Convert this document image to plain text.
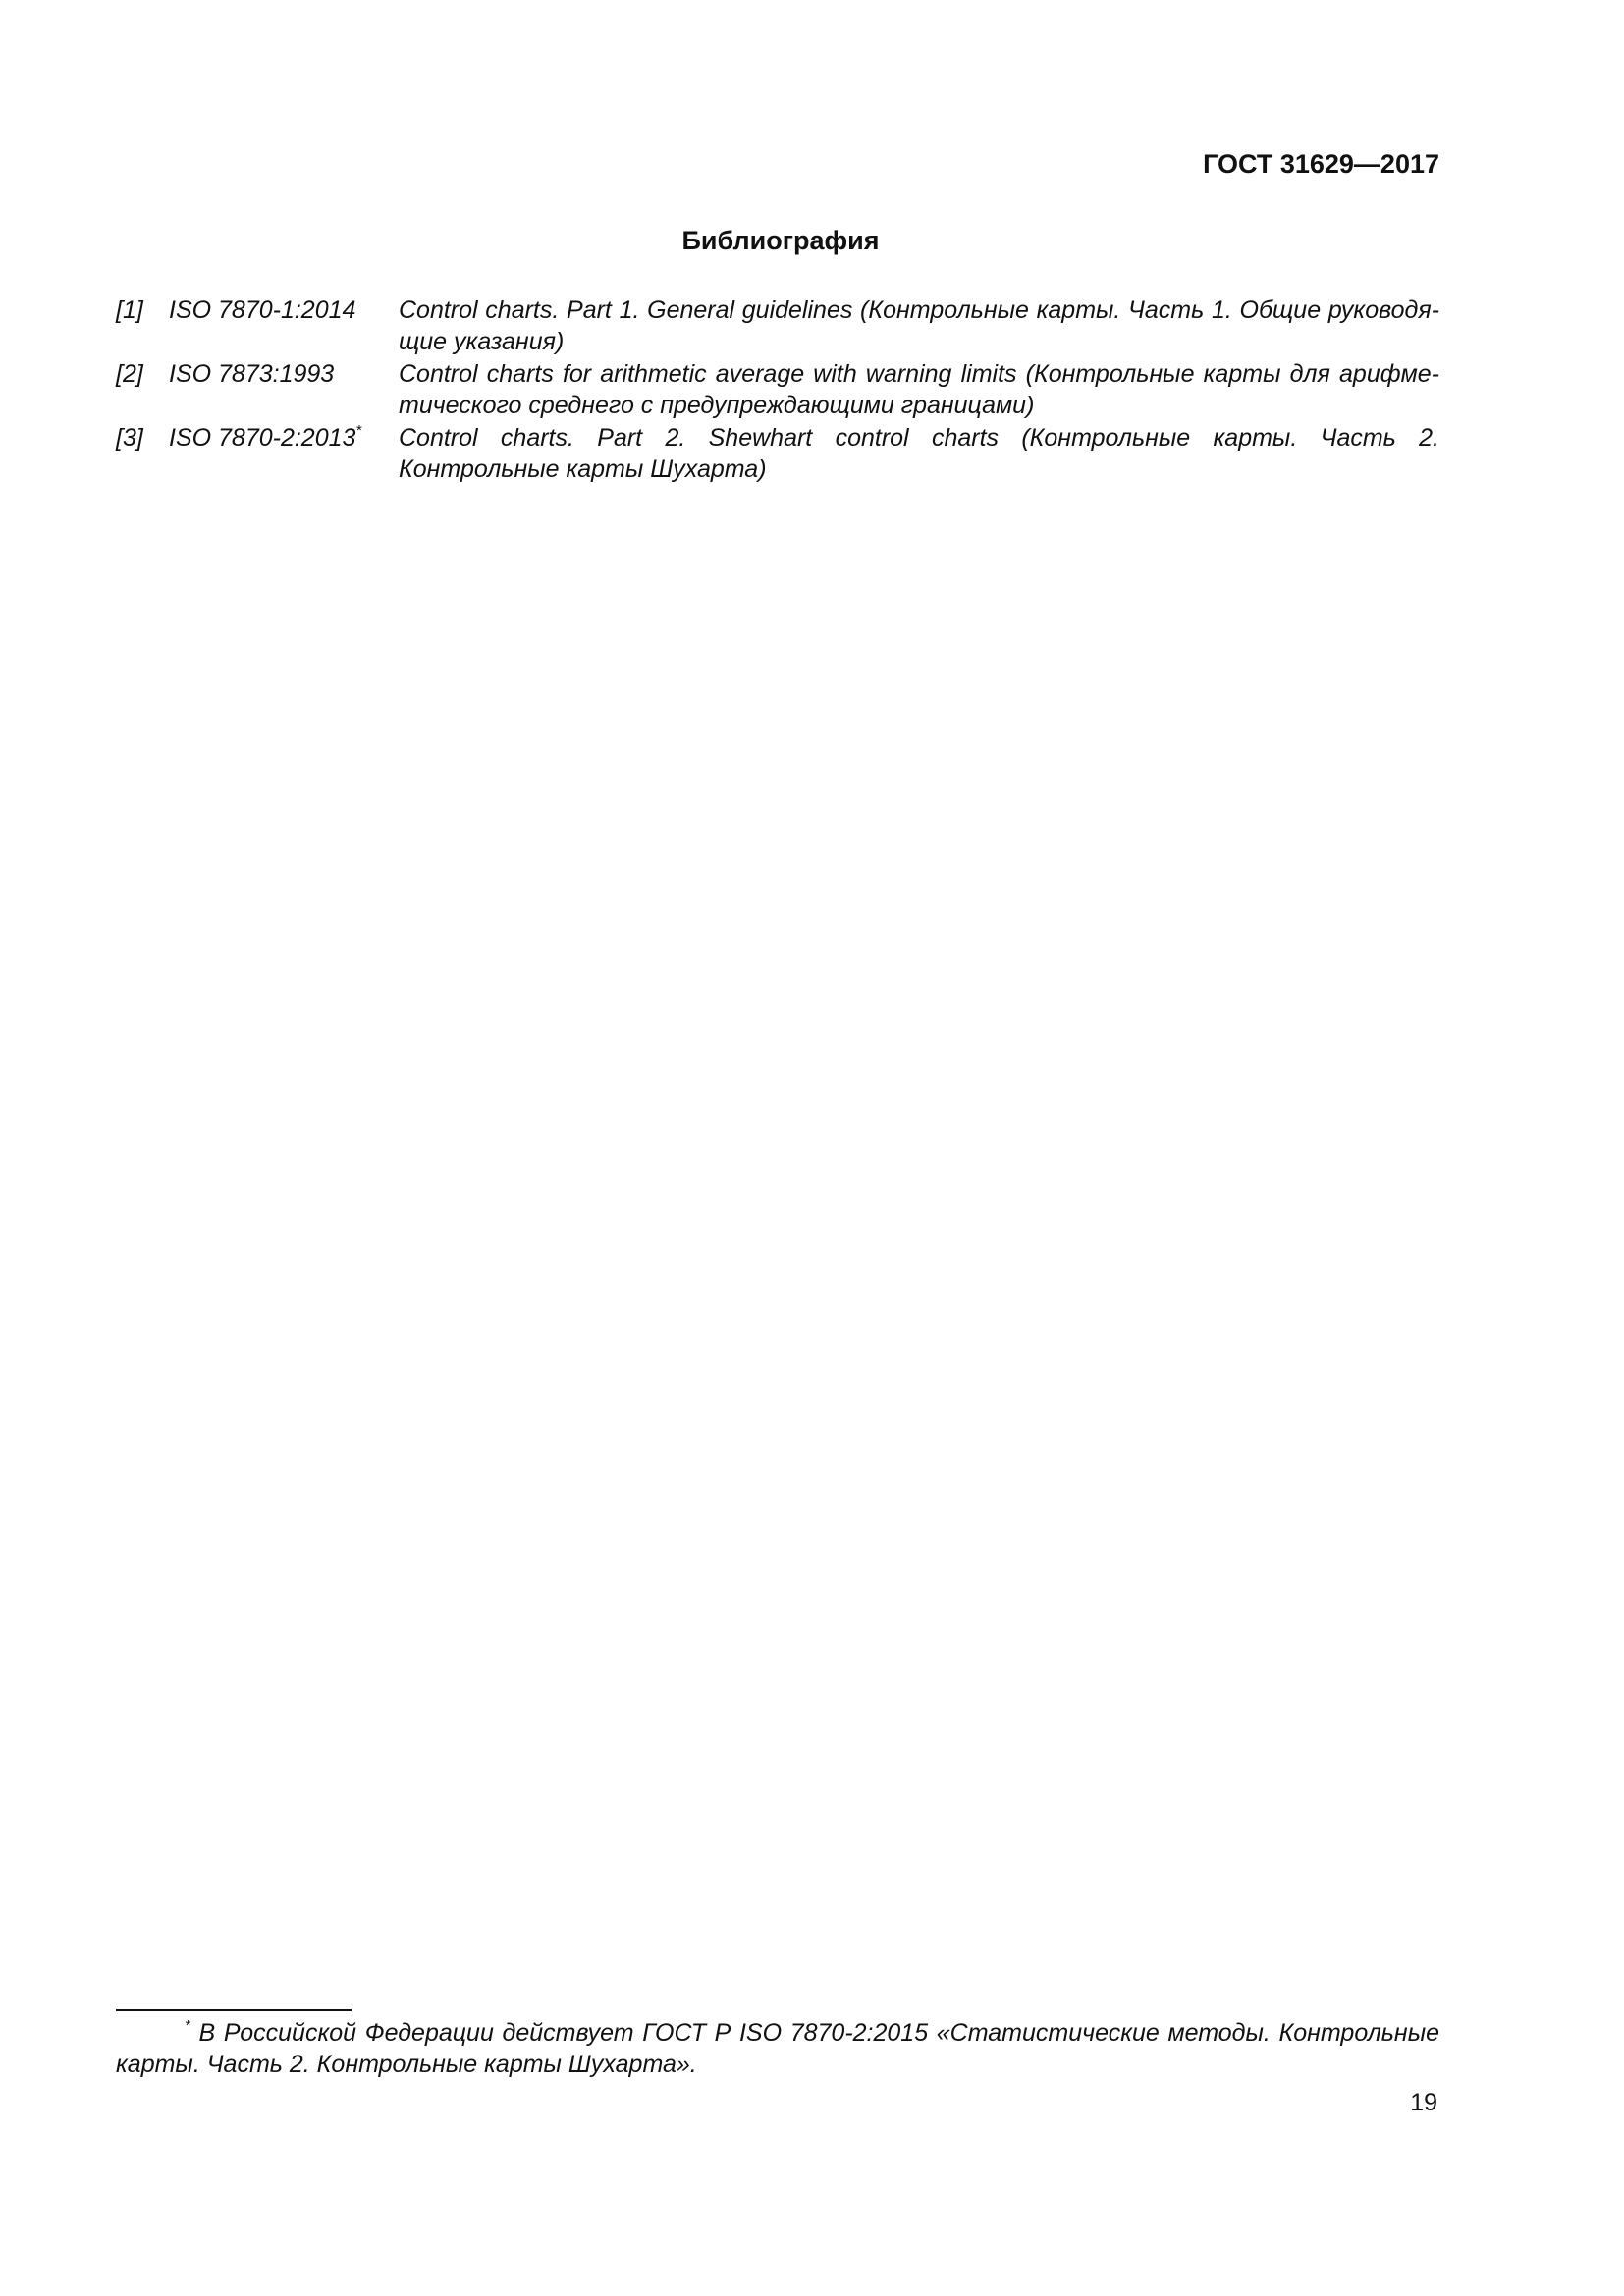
ГОСТ 31629—2017
Библиография
[1]	ISO 7870-1:2014	Control charts. Part 1. General guidelines (Контрольные карты. Часть 1. Общие руководя-щие указания)
[2]	ISO 7873:1993	Control charts for arithmetic average with warning limits (Контрольные карты для арифме-тического среднего с предупреждающими границами)
[3]	ISO 7870-2:2013*	Control charts. Part 2. Shewhart control charts (Контрольные карты. Часть 2. Контрольные карты Шухарта)
* В Российской Федерации действует ГОСТ Р ISO 7870-2:2015 «Статистические методы. Контрольные карты. Часть 2. Контрольные карты Шухарта».
19
